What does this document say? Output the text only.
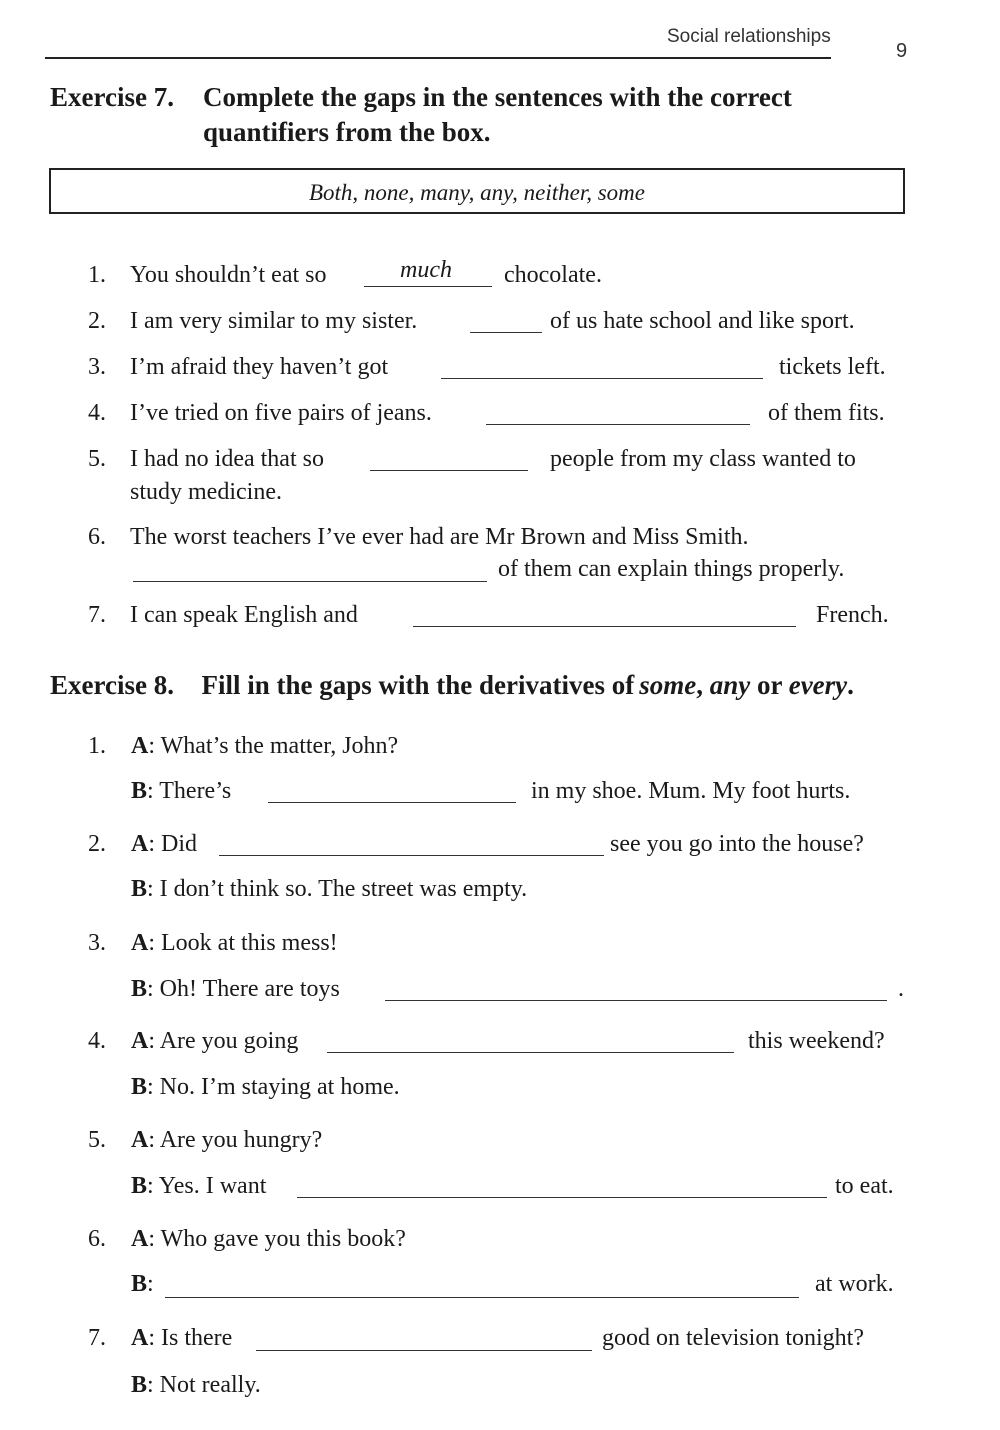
Social relationships
9
Exercise 7. Complete the gaps in the sentences with the correct
quantifiers from the box.
Both, none, many, any, neither, some
1. You shouldn’t eat so	much chocolate.
2. I am very similar to my sister.	of us hate school and like sport.
3. I’m afraid they haven’t got	tickets left.
4. I’ve tried on five pairs of jeans.	of them fits.
5. I had no idea that so	people from my class wanted to
study medicine.
6. The worst teachers I’ve ever had are Mr Brown and Miss Smith.
of them can explain things properly.
7. I can speak English and	French.
Exercise 8. Fill in the gaps with the derivatives of some, any or every.
1. A: What’s the matter, John?
B: There’s	in my shoe. Mum. My foot hurts.
2. A: Did	see you go into the house?
B: I don’t think so. The street was empty.
3. A: Look at this mess!
B: Oh! There are toys	.
4. A: Are you going	this weekend?
B: No. I’m staying at home.
5. A: Are you hungry?
B: Yes. I want	to eat.
6. A: Who gave you this book?
B:	at work.
7. A: Is there	good on television tonight?
B: Not really.
